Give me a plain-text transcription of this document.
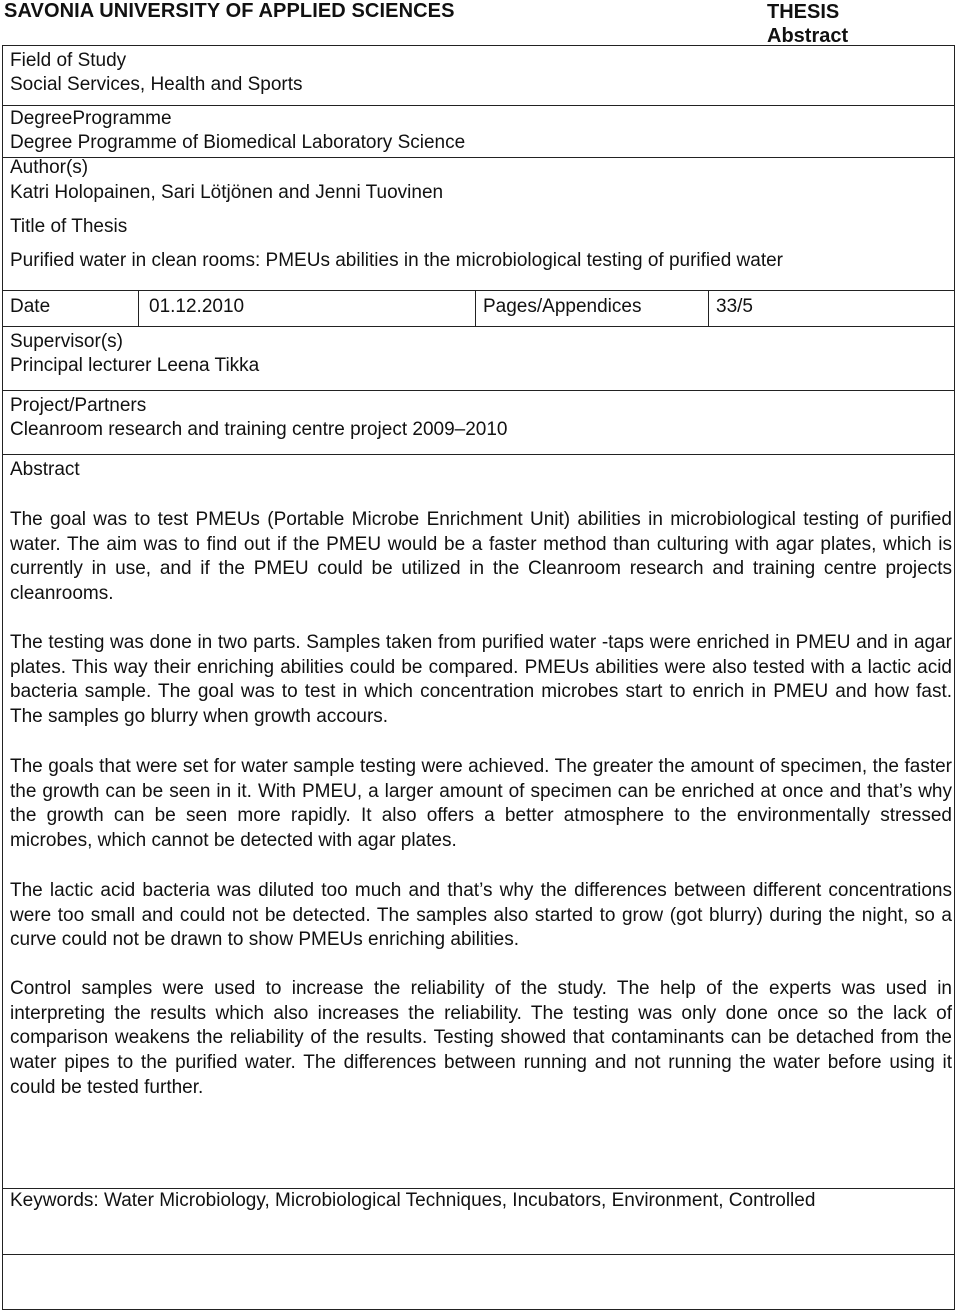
SAVONIA UNIVERSITY OF APPLIED SCIENCES	THESIS
Abstract
Field of Study
Social Services, Health and Sports
DegreeProgramme
Degree Programme of Biomedical Laboratory Science
Author(s)
Katri Holopainen, Sari Lötjönen and Jenni Tuovinen
Title of Thesis
Purified water in clean rooms: PMEUs abilities in the microbiological testing of purified water
Date	01.12.2010	Pages/Appendices	33/5
Supervisor(s)
Principal lecturer Leena Tikka
Project/Partners
Cleanroom research and training centre project 2009–2010
Abstract

The goal was to test PMEUs (Portable Microbe Enrichment Unit) abilities in microbiological testing of purified water. The aim was to find out if the PMEU would be a faster method than culturing with agar plates, which is currently in use, and if the PMEU could be utilized in the Cleanroom research and training centre projects cleanrooms.

The testing was done in two parts. Samples taken from purified water -taps were enriched in PMEU and in agar plates. This way their enriching abilities could be compared. PMEUs abilities were also tested with a lactic acid bacteria sample. The goal was to test in which concentration microbes start to enrich in PMEU and how fast. The samples go blurry when growth accours.

The goals that were set for water sample testing were achieved. The greater the amount of specimen, the faster the growth can be seen in it. With PMEU, a larger amount of specimen can be enriched at once and that’s why the growth can be seen more rapidly. It also offers a better atmosphere to the environmentally stressed microbes, which cannot be detected with agar plates.

The lactic acid bacteria was diluted too much and that’s why the differences between different concentrations were too small and could not be detected. The samples also started to grow (got blurry) during the night, so a curve could not be drawn to show PMEUs enriching abilities.

Control samples were used to increase the reliability of the study. The help of the experts was used in interpreting the results which also increases the reliability. The testing was only done once so the lack of comparison weakens the reliability of the results. Testing showed that contaminants can be detached from the water pipes to the purified water. The differences between running and not running the water before using it could be tested further.

Keywords: Water Microbiology, Microbiological Techniques, Incubators, Environment, Controlled
